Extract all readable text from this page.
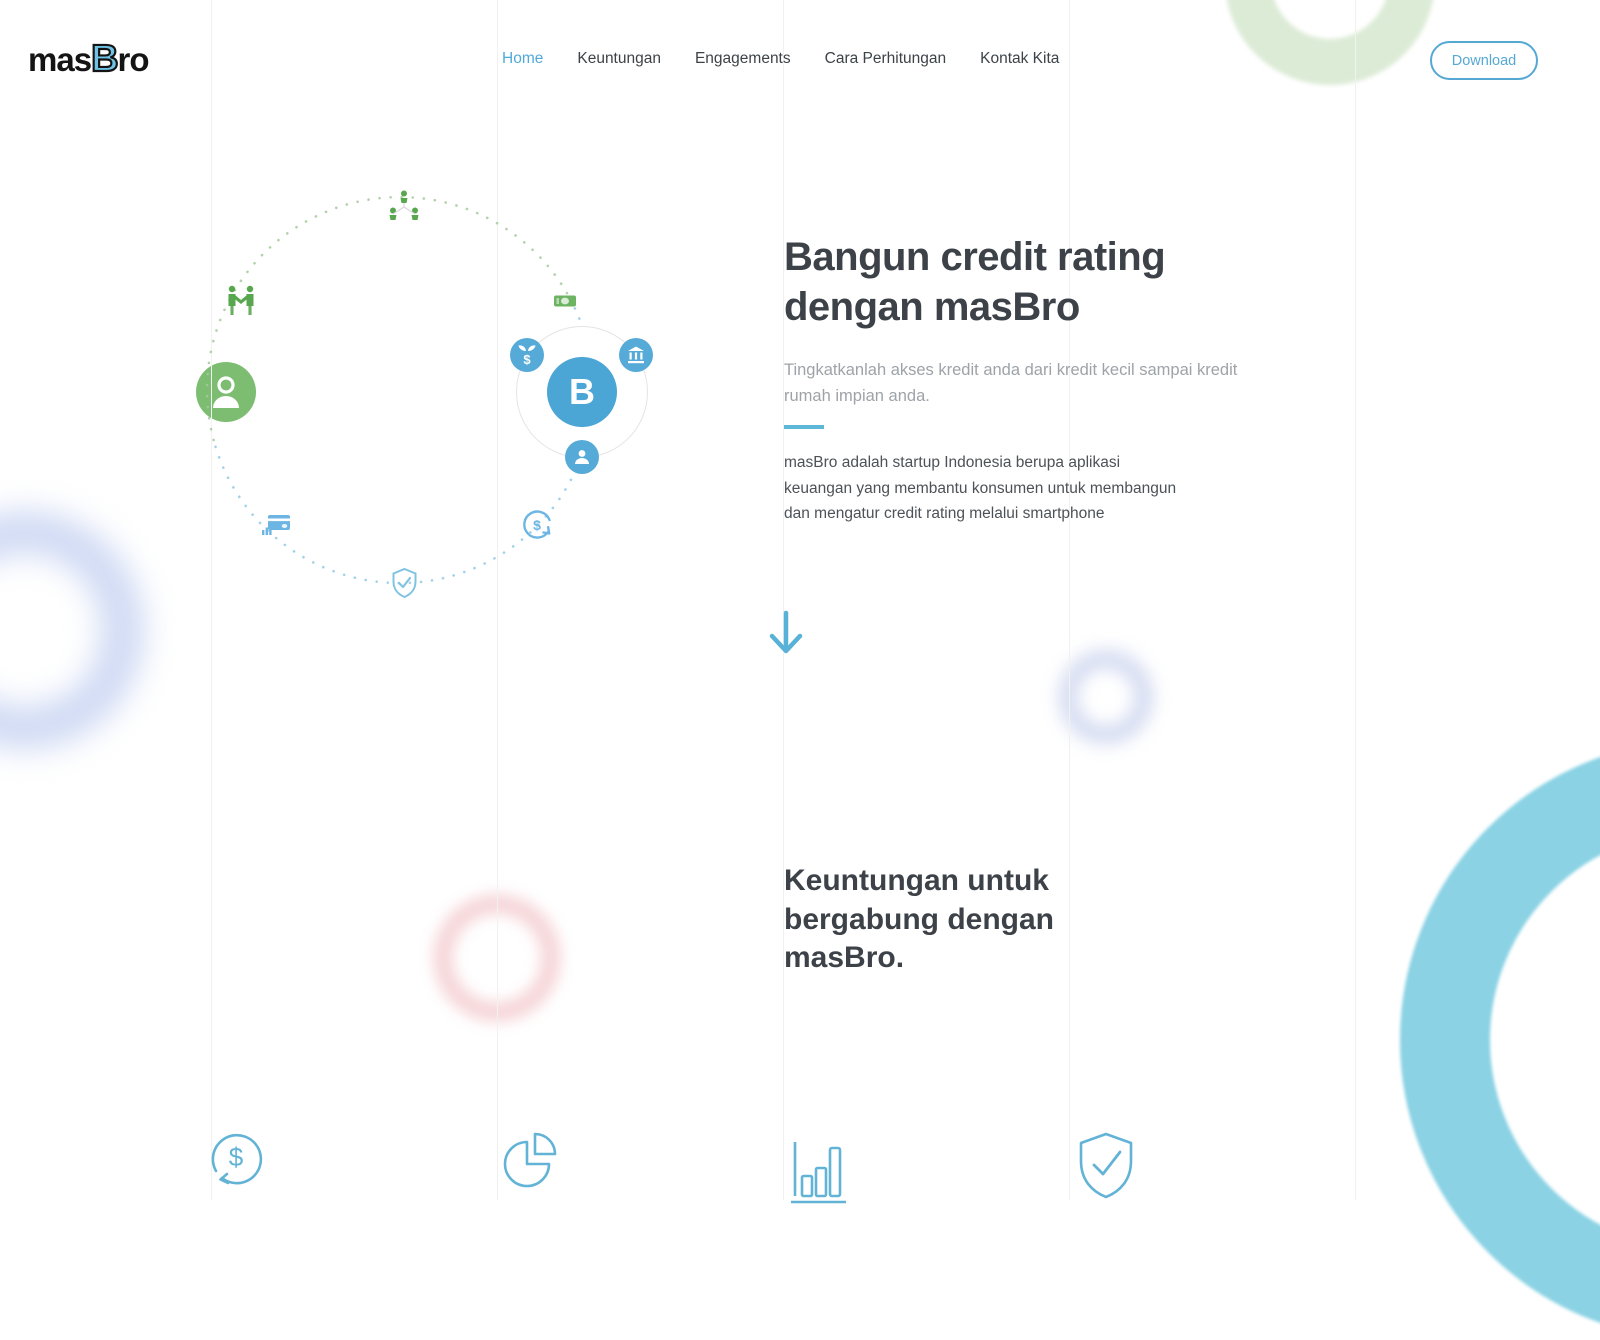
masBro	Home Keuntungan Engagements Cara Perhitungan Kontak Kita	Download
$
B
$
Bangun credit rating
dengan masBro

Tingkatkanlah akses kredit anda dari kredit kecil sampai kredit rumah impian anda.

masBro adalah startup Indonesia berupa aplikasi
keuangan yang membantu konsumen untuk membangun
dan mengatur credit rating melalui smartphone

Keuntungan untuk
bergabung dengan
masBro.
$
